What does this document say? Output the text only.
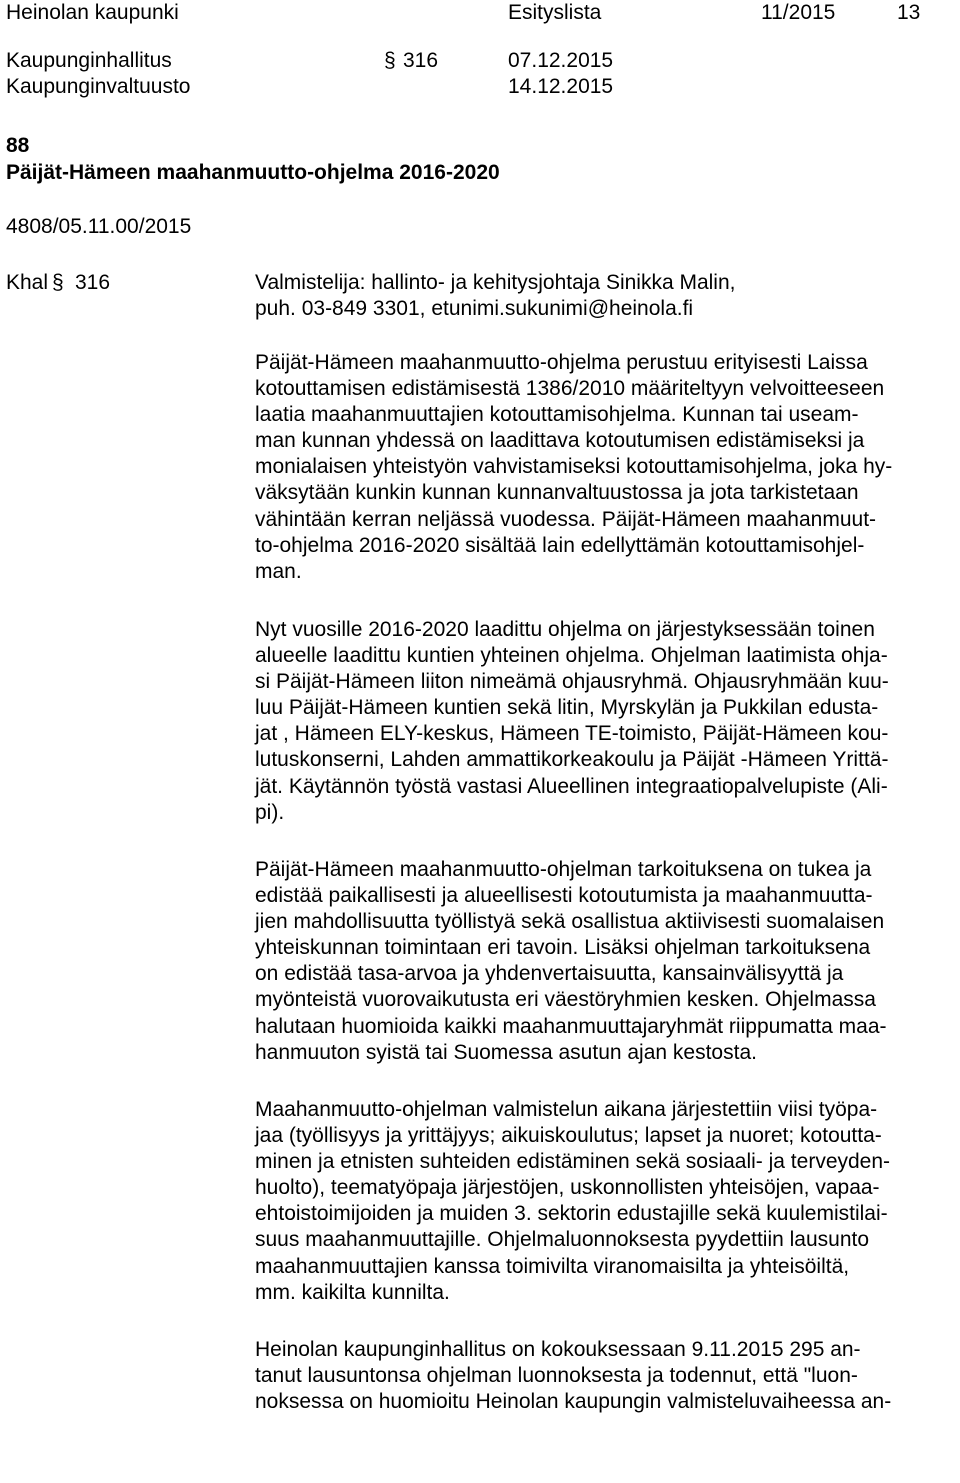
Heinolan kaupunki	Esityslista	11/2015	13
Kaupunginhallitus	§ 316	07.12.2015
Kaupunginvaltuusto	14.12.2015
88
Päijät-Hämeen maahanmuutto-ohjelma 2016-2020
4808/05.11.00/2015
Khal § 316	Valmistelija: hallinto- ja kehitysjohtaja Sinikka Malin,
puh. 03-849 3301, etunimi.sukunimi@heinola.fi
Päijät-Hämeen maahanmuutto-ohjelma perustuu erityisesti Laissa
kotouttamisen edistämisestä 1386/2010 määriteltyyn velvoitteeseen
laatia maahanmuuttajien kotouttamisohjelma. Kunnan tai useam-
man kunnan yhdessä on laadittava kotoutumisen edistämiseksi ja
monialaisen yhteistyön vahvistamiseksi kotouttamisohjelma, joka hy-
väksytään kunkin kunnan kunnanvaltuustossa ja jota tarkistetaan
vähintään kerran neljässä vuodessa. Päijät-Hämeen maahanmuut-
to-ohjelma 2016-2020 sisältää lain edellyttämän kotouttamisohjel-
man.
Nyt vuosille 2016-2020 laadittu ohjelma on järjestyksessään toinen
alueelle laadittu kuntien yhteinen ohjelma. Ohjelman laatimista ohja-
si Päijät-Hämeen liiton nimeämä ohjausryhmä. Ohjausryhmään kuu-
luu Päijät-Hämeen kuntien sekä litin, Myrskylän ja Pukkilan edusta-
jat , Hämeen ELY-keskus, Hämeen TE-toimisto, Päijät-Hämeen kou-
lutuskonserni, Lahden ammattikorkeakoulu ja Päijät -Hämeen Yrittä-
jät. Käytännön työstä vastasi Alueellinen integraatiopalvelupiste (Ali-
pi).
Päijät-Hämeen maahanmuutto-ohjelman tarkoituksena on tukea ja
edistää paikallisesti ja alueellisesti kotoutumista ja maahanmuutta-
jien mahdollisuutta työllistyä sekä osallistua aktiivisesti suomalaisen
yhteiskunnan toimintaan eri tavoin. Lisäksi ohjelman tarkoituksena
on edistää tasa-arvoa ja yhdenvertaisuutta, kansainvälisyyttä ja
myönteistä vuorovaikutusta eri väestöryhmien kesken. Ohjelmassa
halutaan huomioida kaikki maahanmuuttajaryhmät riippumatta maa-
hanmuuton syistä tai Suomessa asutun ajan kestosta.
Maahanmuutto-ohjelman valmistelun aikana järjestettiin viisi työpa-
jaa (työllisyys ja yrittäjyys; aikuiskoulutus; lapset ja nuoret; kotoutta-
minen ja etnisten suhteiden edistäminen sekä sosiaali- ja terveyden-
huolto), teematyöpaja järjestöjen, uskonnollisten yhteisöjen, vapaa-
ehtoistoimijoiden ja muiden 3. sektorin edustajille sekä kuulemistilai-
suus maahanmuuttajille. Ohjelmaluonnoksesta pyydettiin lausunto
maahanmuuttajien kanssa toimivilta viranomaisilta ja yhteisöiltä,
mm. kaikilta kunnilta.
Heinolan kaupunginhallitus on kokouksessaan 9.11.2015 295 an-
tanut lausuntonsa ohjelman luonnoksesta ja todennut, että "luon-
noksessa on huomioitu Heinolan kaupungin valmisteluvaiheessa an-
